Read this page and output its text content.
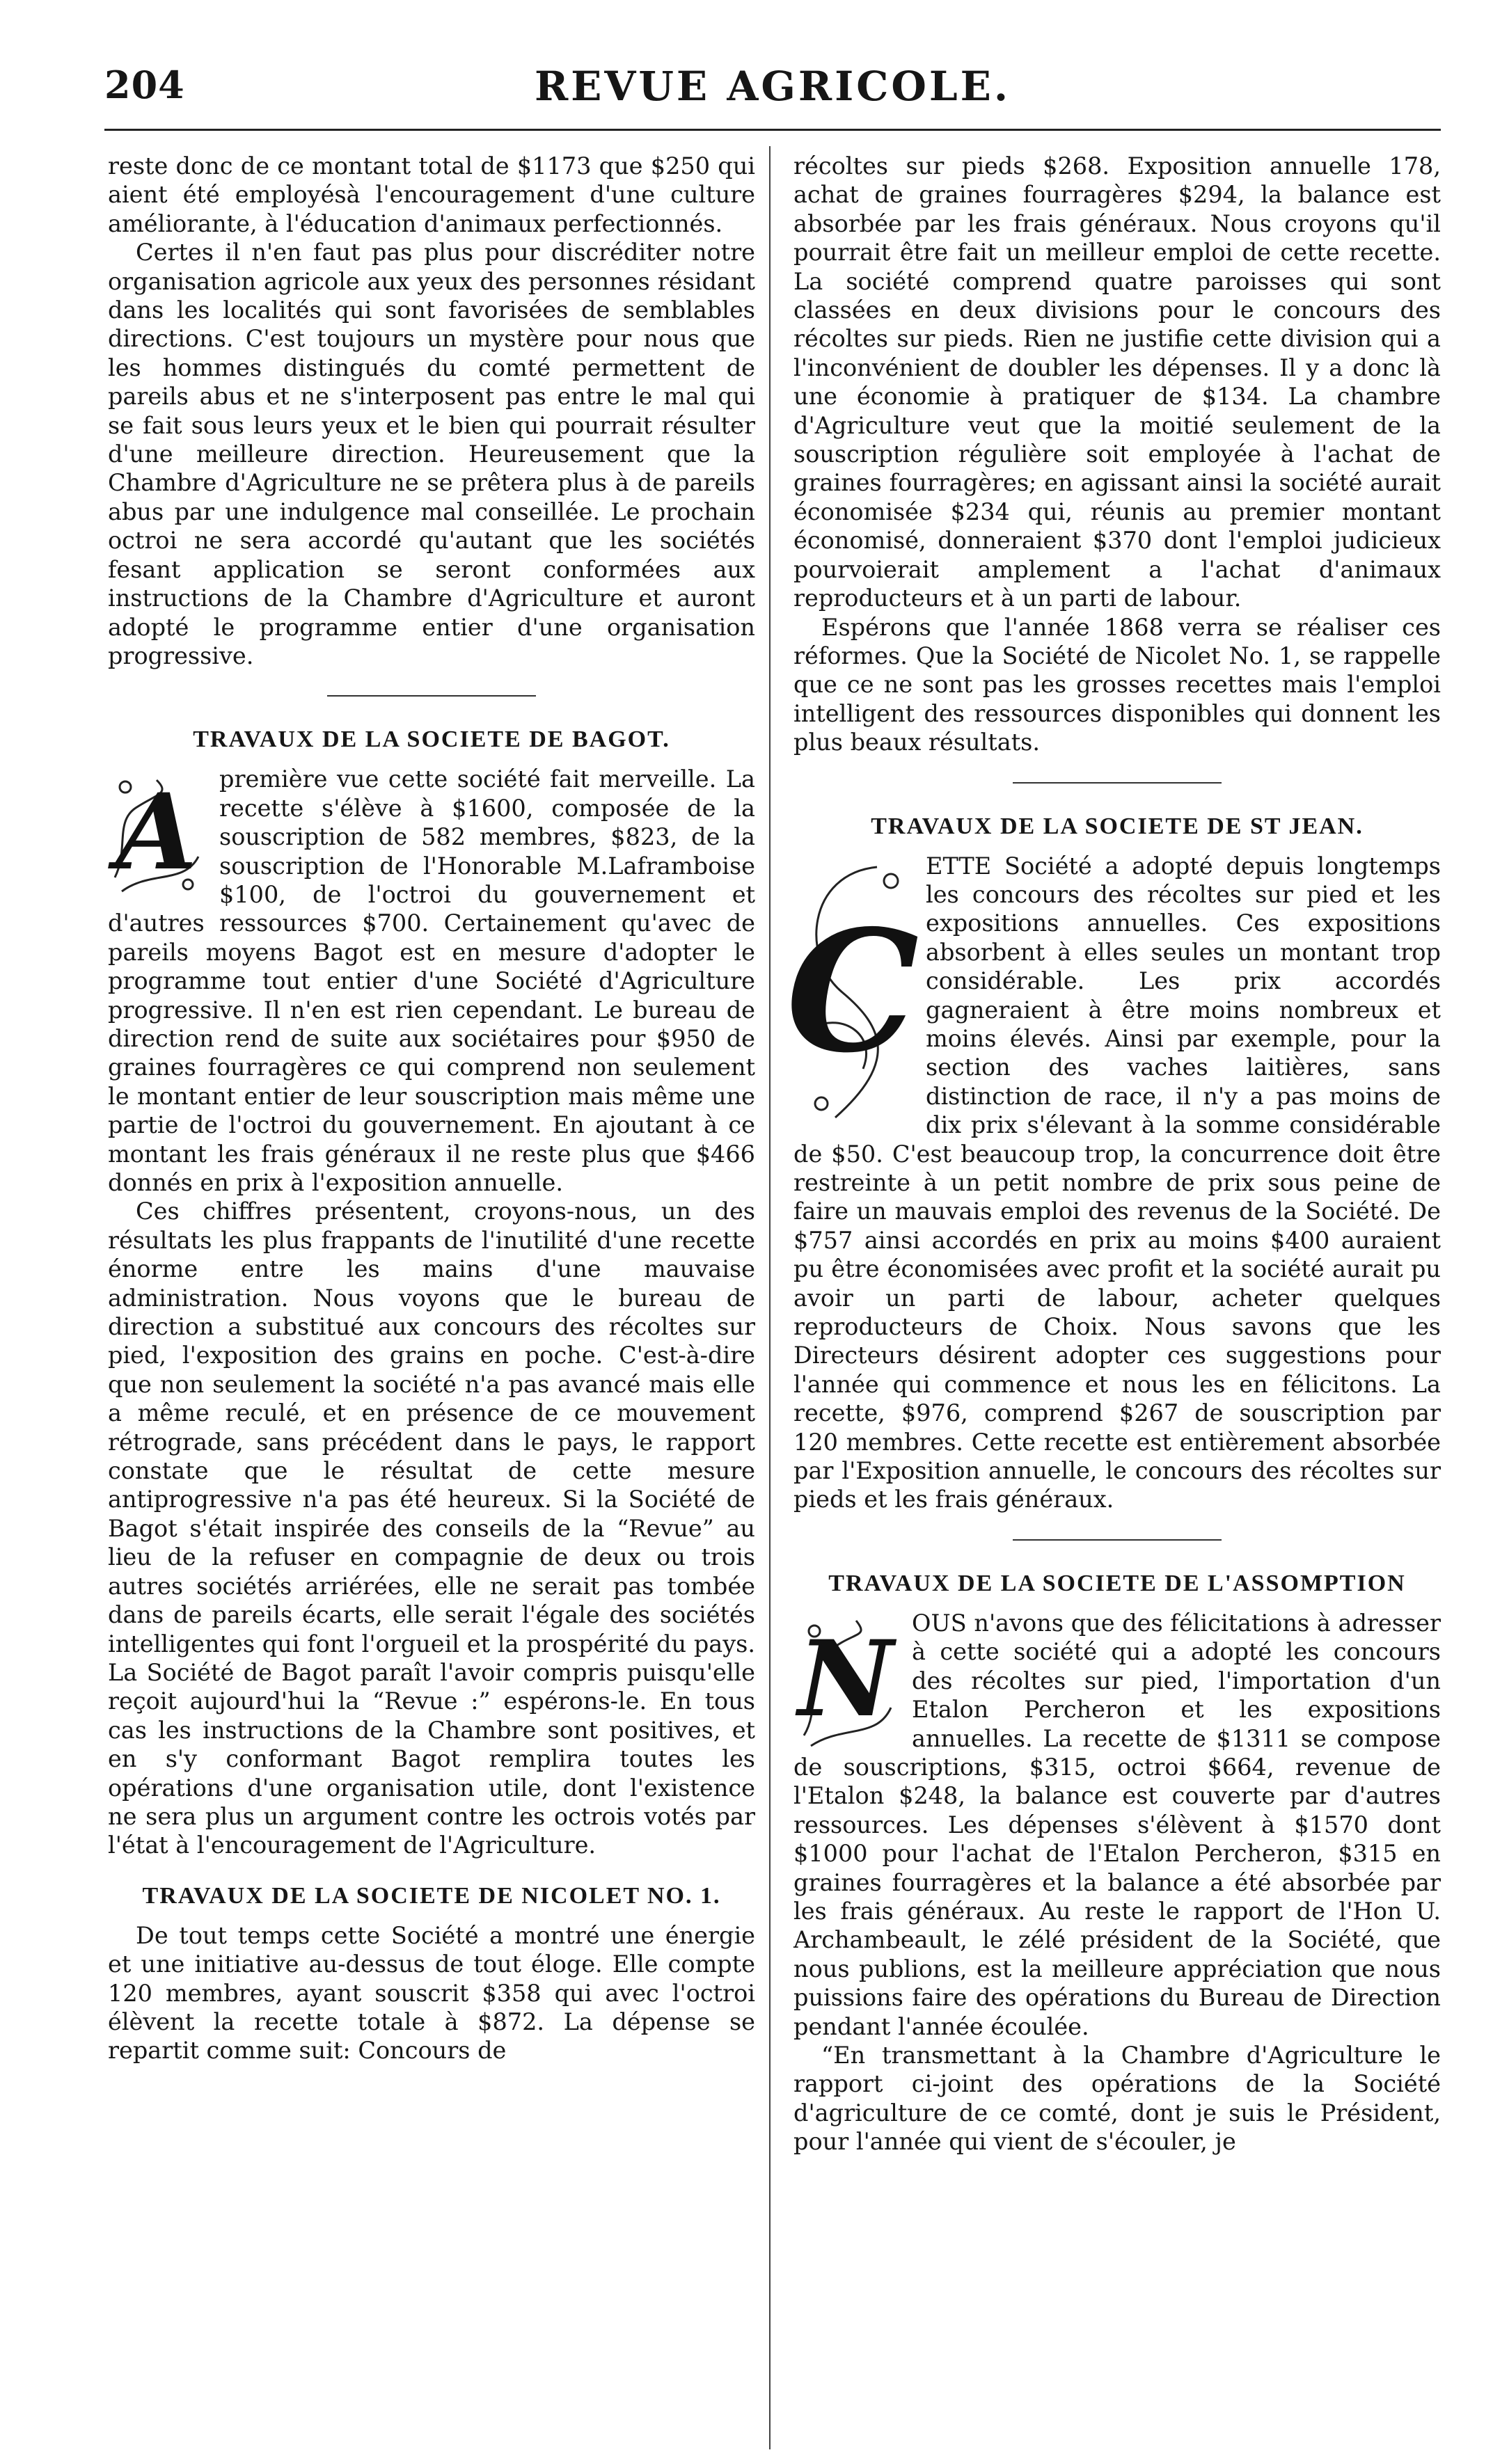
204	REVUE AGRICOLE.

reste donc de ce montant total de $1173 que $250 qui aient été employésà l'encouragement d'une culture améliorante, à l'éducation d'animaux perfectionnés.

Certes il n'en faut pas plus pour discréditer notre organisation agricole aux yeux des personnes résidant dans les localités qui sont favorisées de semblables directions. C'est toujours un mystère pour nous que les hommes distingués du comté permettent de pareils abus et ne s'interposent pas entre le mal qui se fait sous leurs yeux et le bien qui pourrait résulter d'une meilleure direction. Heureusement que la Chambre d'Agriculture ne se prêtera plus à de pareils abus par une indulgence mal conseillée. Le prochain octroi ne sera accordé qu'autant que les sociétés fesant application se seront conformées aux instructions de la Chambre d'Agriculture et auront adopté le programme entier d'une organisation progressive.

TRAVAUX DE LA SOCIETE DE BAGOT.
A première vue cette société fait merveille. La recette s'élève à $1600, composée de la souscription de 582 membres, $823, de la souscription de l'Honorable M.Laframboise $100, de l'octroi du gouvernement et d'autres ressources $700. Certainement qu'avec de pareils moyens Bagot est en mesure d'adopter le programme tout entier d'une Société d'Agriculture progressive. Il n'en est rien cependant. Le bureau de direction rend de suite aux sociétaires pour $950 de graines fourragères ce qui comprend non seulement le montant entier de leur souscription mais même une partie de l'octroi du gouvernement. En ajoutant à ce montant les frais généraux il ne reste plus que $466 donnés en prix à l'exposition annuelle.

Ces chiffres présentent, croyons-nous, un des résultats les plus frappants de l'inutilité d'une recette énorme entre les mains d'une mauvaise administration. Nous voyons que le bureau de direction a substitué aux concours des récoltes sur pied, l'exposition des grains en poche. C'est-à-dire que non seulement la société n'a pas avancé mais elle a même reculé, et en présence de ce mouvement rétrograde, sans précédent dans le pays, le rapport constate que le résultat de cette mesure antiprogressive n'a pas été heureux. Si la Société de Bagot s'était inspirée des conseils de la “Revue” au lieu de la refuser en compagnie de deux ou trois autres sociétés arriérées, elle ne serait pas tombée dans de pareils écarts, elle serait l'égale des sociétés intelligentes qui font l'orgueil et la prospérité du pays. La Société de Bagot paraît l'avoir compris puisqu'elle reçoit aujourd'hui la “Revue :” espérons-le. En tous cas les instructions de la Chambre sont positives, et en s'y conformant Bagot remplira toutes les opérations d'une organisation utile, dont l'existence ne sera plus un argument contre les octrois votés par l'état à l'encouragement de l'Agriculture.

TRAVAUX DE LA SOCIETE DE NICOLET NO. 1.

De tout temps cette Société a montré une énergie et une initiative au-dessus de tout éloge. Elle compte 120 membres, ayant souscrit $358 qui avec l'octroi élèvent la recette totale à $872. La dépense se repartit comme suit: Concours de

récoltes sur pieds $268. Exposition annuelle 178, achat de graines fourragères $294, la balance est absorbée par les frais généraux. Nous croyons qu'il pourrait être fait un meilleur emploi de cette recette. La société comprend quatre paroisses qui sont classées en deux divisions pour le concours des récoltes sur pieds. Rien ne justifie cette division qui a l'inconvénient de doubler les dépenses. Il y a donc là une économie à pratiquer de $134. La chambre d'Agriculture veut que la moitié seulement de la souscription régulière soit employée à l'achat de graines fourragères; en agissant ainsi la société aurait économisée $234 qui, réunis au premier montant économisé, donneraient $370 dont l'emploi judicieux pourvoierait amplement a l'achat d'animaux reproducteurs et à un parti de labour.

Espérons que l'année 1868 verra se réaliser ces réformes. Que la Société de Nicolet No. 1, se rappelle que ce ne sont pas les grosses recettes mais l'emploi intelligent des ressources disponibles qui donnent les plus beaux résultats.

TRAVAUX DE LA SOCIETE DE ST JEAN.
C

ETTE Société a adopté depuis longtemps les concours des récoltes sur pied et les expositions annuelles. Ces expositions absorbent à elles seules un montant trop considérable. Les prix accordés gagneraient à être moins nombreux et moins élevés. Ainsi par exemple, pour la section des vaches laitières, sans distinction de race, il n'y a pas moins de dix prix s'élevant à la somme considérable de $50. C'est beaucoup trop, la concurrence doit être restreinte à un petit nombre de prix sous peine de faire un mauvais emploi des revenus de la Société. De $757 ainsi accordés en prix au moins $400 auraient pu être économisées avec profit et la société aurait pu avoir un parti de labour, acheter quelques reproducteurs de Choix. Nous savons que les Directeurs désirent adopter ces suggestions pour l'année qui commence et nous les en félicitons. La recette, $976, comprend $267 de souscription par 120 membres. Cette recette est entièrement absorbée par l'Exposition annuelle, le concours des récoltes sur pieds et les frais généraux.

TRAVAUX DE LA SOCIETE DE L'ASSOMPTION
N OUS n'avons que des félicitations à adresser à cette société qui a adopté les concours des récoltes sur pied, l'importation d'un Etalon Percheron et les expositions annuelles. La recette de $1311 se compose de souscriptions, $315, octroi $664, revenue de l'Etalon $248, la balance est couverte par d'autres ressources. Les dépenses s'élèvent à $1570 dont $1000 pour l'achat de l'Etalon Percheron, $315 en graines fourragères et la balance a été absorbée par les frais généraux. Au reste le rapport de l'Hon U. Archambeault, le zélé président de la Société, que nous publions, est la meilleure appréciation que nous puissions faire des opérations du Bureau de Direction pendant l'année écoulée.

“En transmettant à la Chambre d'Agriculture le rapport ci-joint des opérations de la Société d'agriculture de ce comté, dont je suis le Président, pour l'année qui vient de s'écouler, je
